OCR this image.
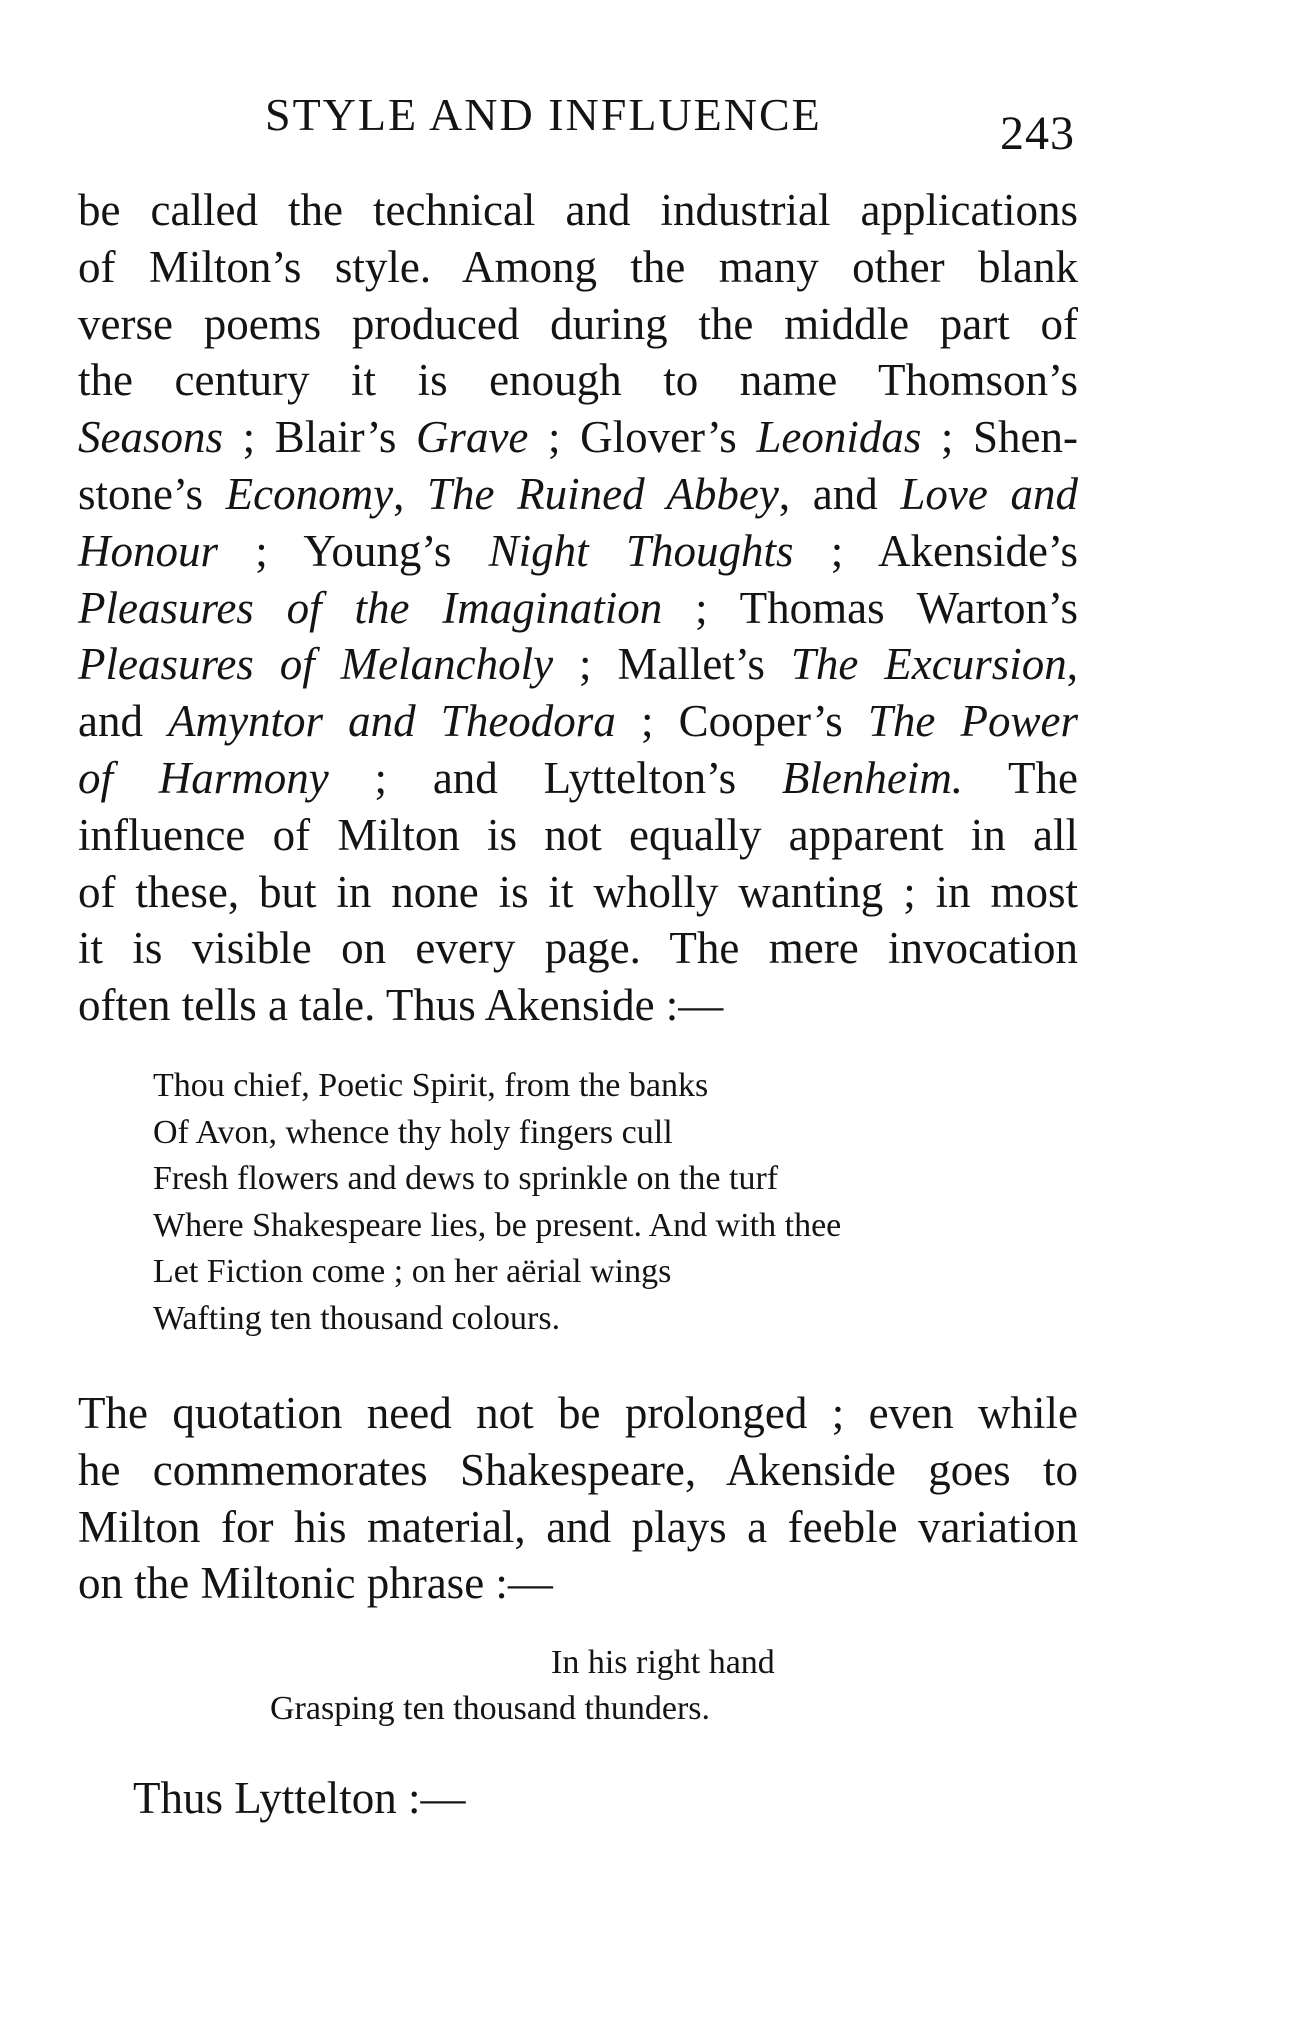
STYLE AND INFLUENCE	243
be called the technical and industrial applications
of Milton’s style. Among the many other blank
verse poems produced during the middle part of
the century it is enough to name Thomson’s
Seasons ; Blair’s Grave ; Glover’s Leonidas ; Shen-
stone’s Economy, The Ruined Abbey, and Love and
Honour ; Young’s Night Thoughts ; Akenside’s
Pleasures of the Imagination ; Thomas Warton’s
Pleasures of Melancholy ; Mallet’s The Excursion,
and Amyntor and Theodora ; Cooper’s The Power
of Harmony ; and Lyttelton’s Blenheim. The
influence of Milton is not equally apparent in all
of these, but in none is it wholly wanting ; in most
it is visible on every page. The mere invocation
often tells a tale. Thus Akenside :—
Thou chief, Poetic Spirit, from the banks
Of Avon, whence thy holy fingers cull
Fresh flowers and dews to sprinkle on the turf
Where Shakespeare lies, be present. And with thee
Let Fiction come ; on her aërial wings
Wafting ten thousand colours.
The quotation need not be prolonged ; even while
he commemorates Shakespeare, Akenside goes to
Milton for his material, and plays a feeble variation
on the Miltonic phrase :—
In his right hand
Grasping ten thousand thunders.
Thus Lyttelton :—
